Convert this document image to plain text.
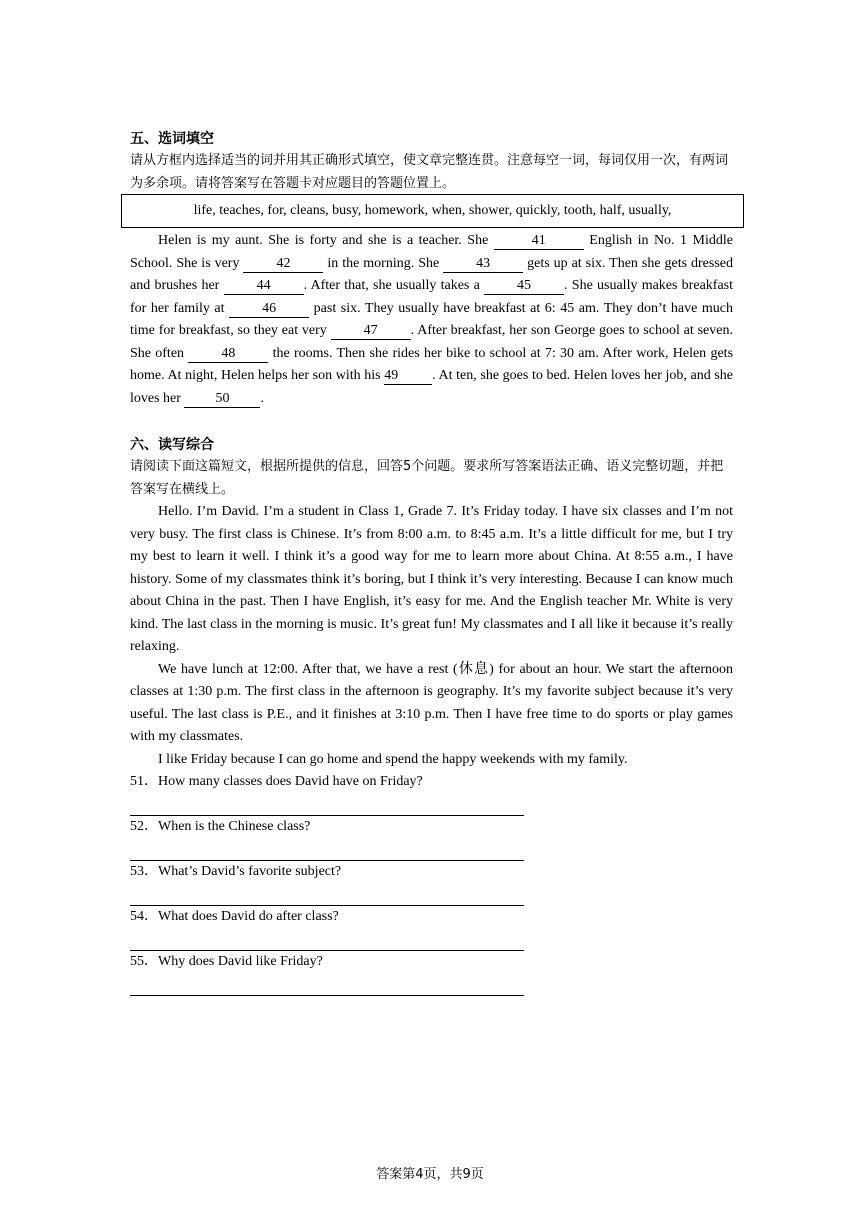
五、选词填空
请从方框内选择适当的词并用其正确形式填空，使文章完整连贯。注意每空一词，每词仅用一次，有两词为多余项。请将答案写在答题卡对应题目的答题位置上。
life, teaches, for, cleans, busy, homework, when, shower, quickly, tooth, half, usually,

Helen is my aunt. She is forty and she is a teacher. She	41	English in No. 1 Middle School. She is very 42 in the morning. She 43 gets up at six. Then she gets dressed and brushes her 44 . After that, she usually takes a 45 . She usually makes breakfast for her family at 46 past six. They usually have breakfast at 6: 45 am. They don’t have much time for breakfast, so they eat very 47 . After breakfast, her son George goes to school at seven. She often 48 the rooms. Then she rides her bike to school at 7: 30 am. After work, Helen gets home. At night, Helen helps her son with his 49 . At ten, she goes to bed. Helen loves her job, and she loves her 50 .

六、读写综合
请阅读下面这篇短文，根据所提供的信息，回答5个问题。要求所写答案语法正确、语义完整切题，并把答案写在横线上。

Hello. I’m David. I’m a student in Class 1, Grade 7. It’s Friday today. I have six classes and I’m not very busy. The first class is Chinese. It’s from 8:00 a.m. to 8:45 a.m. It’s a little difficult for me, but I try my best to learn it well. I think it’s a good way for me to learn more about China. At 8:55 a.m., I have history. Some of my classmates think it’s boring, but I think it’s very interesting. Because I can know much about China in the past. Then I have English, it’s easy for me. And the English teacher Mr. White is very kind. The last class in the morning is music. It’s great fun! My classmates and I all like it because it’s really relaxing.

We have lunch at 12:00. After that, we have a rest (休息) for about an hour. We start the afternoon classes at 1:30 p.m. The first class in the afternoon is geography. It’s my favorite subject because it’s very useful. The last class is P.E., and it finishes at 3:10 p.m. Then I have free time to do sports or play games with my classmates.

I like Friday because I can go home and spend the happy weekends with my family.

51．How many classes does David have on Friday?

52．When is the Chinese class?

53．What’s David’s favorite subject?

54．What does David do after class?

55．Why does David like Friday?

答案第4页，共9页
